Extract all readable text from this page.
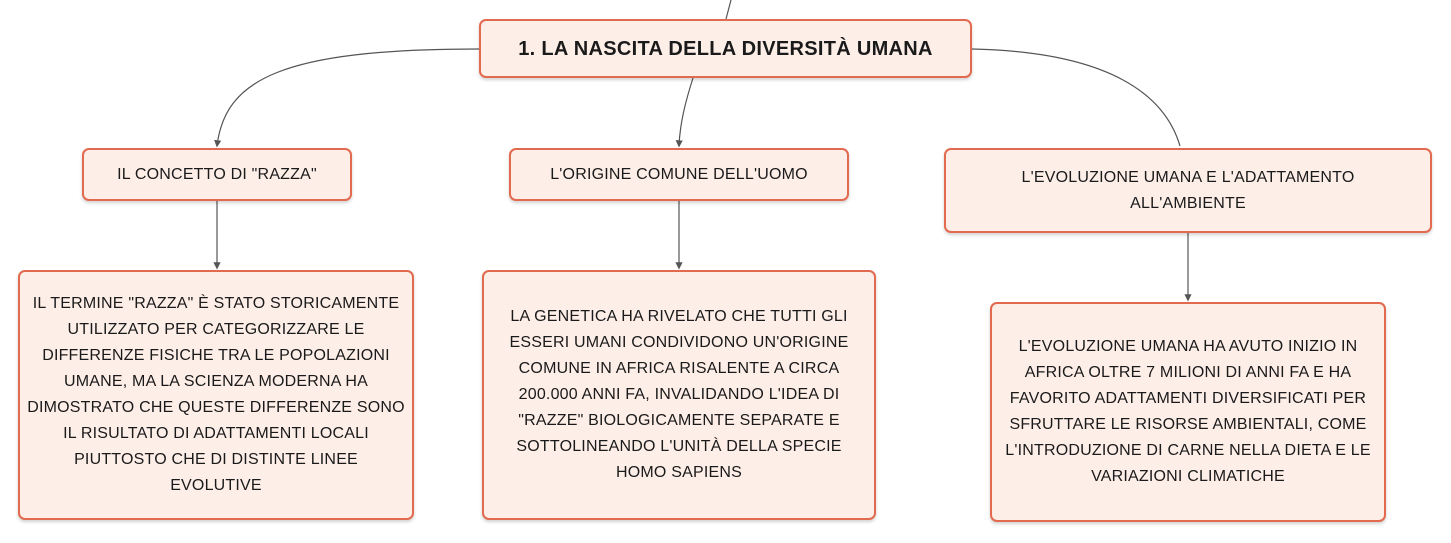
1. LA NASCITA DELLA DIVERSITÀ UMANA
IL CONCETTO DI "RAZZA"	L'ORIGINE COMUNE DELL'UOMO	L'EVOLUZIONE UMANA E L'ADATTAMENTO ALL'AMBIENTE
IL TERMINE "RAZZA" È STATO STORICAMENTE UTILIZZATO PER CATEGORIZZARE LE DIFFERENZE FISICHE TRA LE POPOLAZIONI UMANE, MA LA SCIENZA MODERNA HA DIMOSTRATO CHE QUESTE DIFFERENZE SONO IL RISULTATO DI ADATTAMENTI LOCALI PIUTTOSTO CHE DI DISTINTE LINEE EVOLUTIVE
LA GENETICA HA RIVELATO CHE TUTTI GLI ESSERI UMANI CONDIVIDONO UN'ORIGINE COMUNE IN AFRICA RISALENTE A CIRCA 200.000 ANNI FA, INVALIDANDO L'IDEA DI "RAZZE" BIOLOGICAMENTE SEPARATE E SOTTOLINEANDO L'UNITÀ DELLA SPECIE HOMO SAPIENS
L'EVOLUZIONE UMANA HA AVUTO INIZIO IN AFRICA OLTRE 7 MILIONI DI ANNI FA E HA FAVORITO ADATTAMENTI DIVERSIFICATI PER SFRUTTARE LE RISORSE AMBIENTALI, COME L'INTRODUZIONE DI CARNE NELLA DIETA E LE VARIAZIONI CLIMATICHE
